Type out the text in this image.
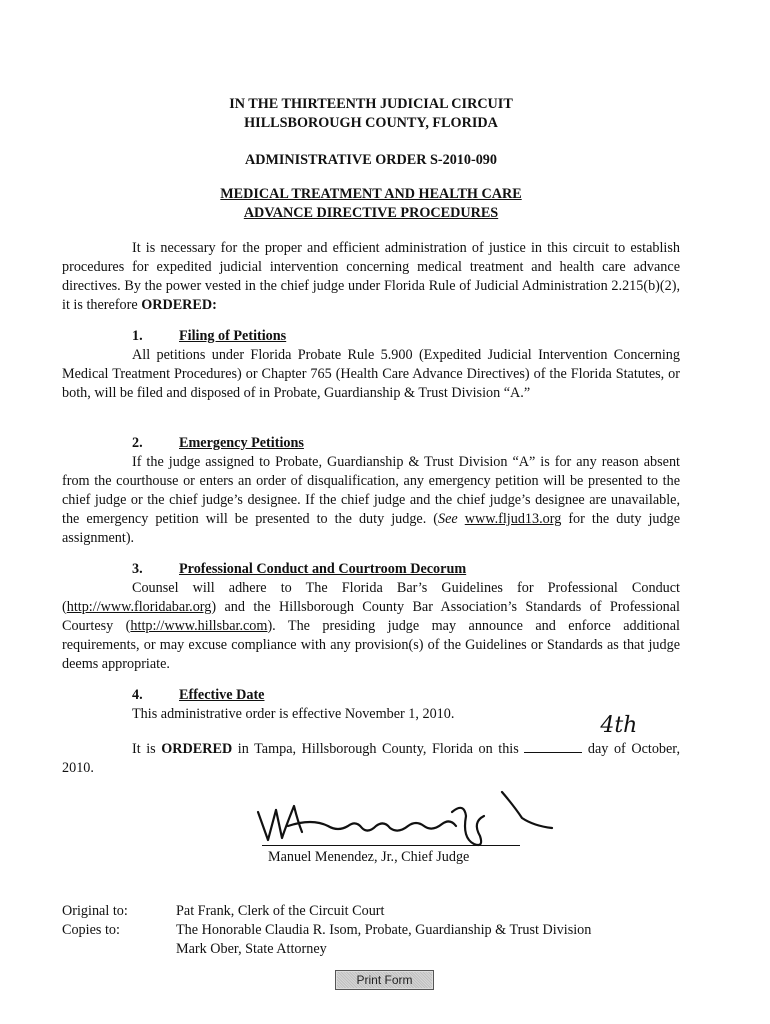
IN THE THIRTEENTH JUDICIAL CIRCUIT
HILLSBOROUGH COUNTY, FLORIDA
ADMINISTRATIVE ORDER S-2010-090
MEDICAL TREATMENT AND HEALTH CARE
ADVANCE DIRECTIVE PROCEDURES
It is necessary for the proper and efficient administration of justice in this circuit to establish procedures for expedited judicial intervention concerning medical treatment and health care advance directives. By the power vested in the chief judge under Florida Rule of Judicial Administration 2.215(b)(2), it is therefore ORDERED:
1.	Filing of Petitions
All petitions under Florida Probate Rule 5.900 (Expedited Judicial Intervention Concerning Medical Treatment Procedures) or Chapter 765 (Health Care Advance Directives) of the Florida Statutes, or both, will be filed and disposed of in Probate, Guardianship & Trust Division “A.”
2.	Emergency Petitions
If the judge assigned to Probate, Guardianship & Trust Division “A” is for any reason absent from the courthouse or enters an order of disqualification, any emergency petition will be presented to the chief judge or the chief judge’s designee. If the chief judge and the chief judge’s designee are unavailable, the emergency petition will be presented to the duty judge. (See www.fljud13.org for the duty judge assignment).
3.	Professional Conduct and Courtroom Decorum
Counsel will adhere to The Florida Bar’s Guidelines for Professional Conduct (http://www.floridabar.org) and the Hillsborough County Bar Association’s Standards of Professional Courtesy (http://www.hillsbar.com). The presiding judge may announce and enforce additional requirements, or may excuse compliance with any provision(s) of the Guidelines or Standards as that judge deems appropriate.
4.	Effective Date
This administrative order is effective November 1, 2010.
It is ORDERED in Tampa, Hillsborough County, Florida on this
4th
day of October, 2010.
Manuel Menendez, Jr., Chief Judge
Original to:	Pat Frank, Clerk of the Circuit Court
Copies to:	The Honorable Claudia R. Isom, Probate, Guardianship & Trust Division
Mark Ober, State Attorney
Print Form
